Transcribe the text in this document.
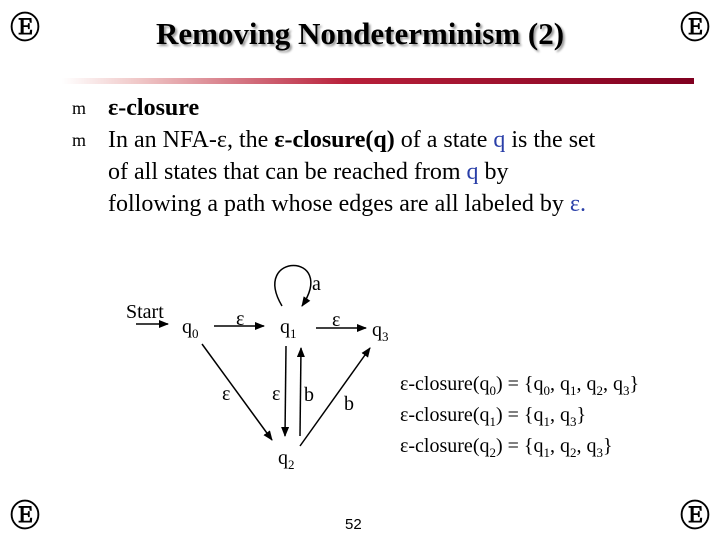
Ⓔ	Ⓔ
Ⓔ	Ⓔ
Removing Nondeterminism (2)
m
m
ε-closure
In an NFA-ε, the ε-closure(q) of a state q is the set
of all states that can be reached from q by
following a path whose edges are all labeled by ε.
Start
$q_0$	$q_1$	$q_3$
$q_2$
ε
a
ε
ε ε b b
$\varepsilon-closure(q_0) = \{q_0$, $q_1$, $q_2$, $q_3$}
$\varepsilon-closure(q_1) = \{q_1$, $q_3$}
$\varepsilon-closure(q_2) = \{q_1$, $q_2$, $q_3$}
52
